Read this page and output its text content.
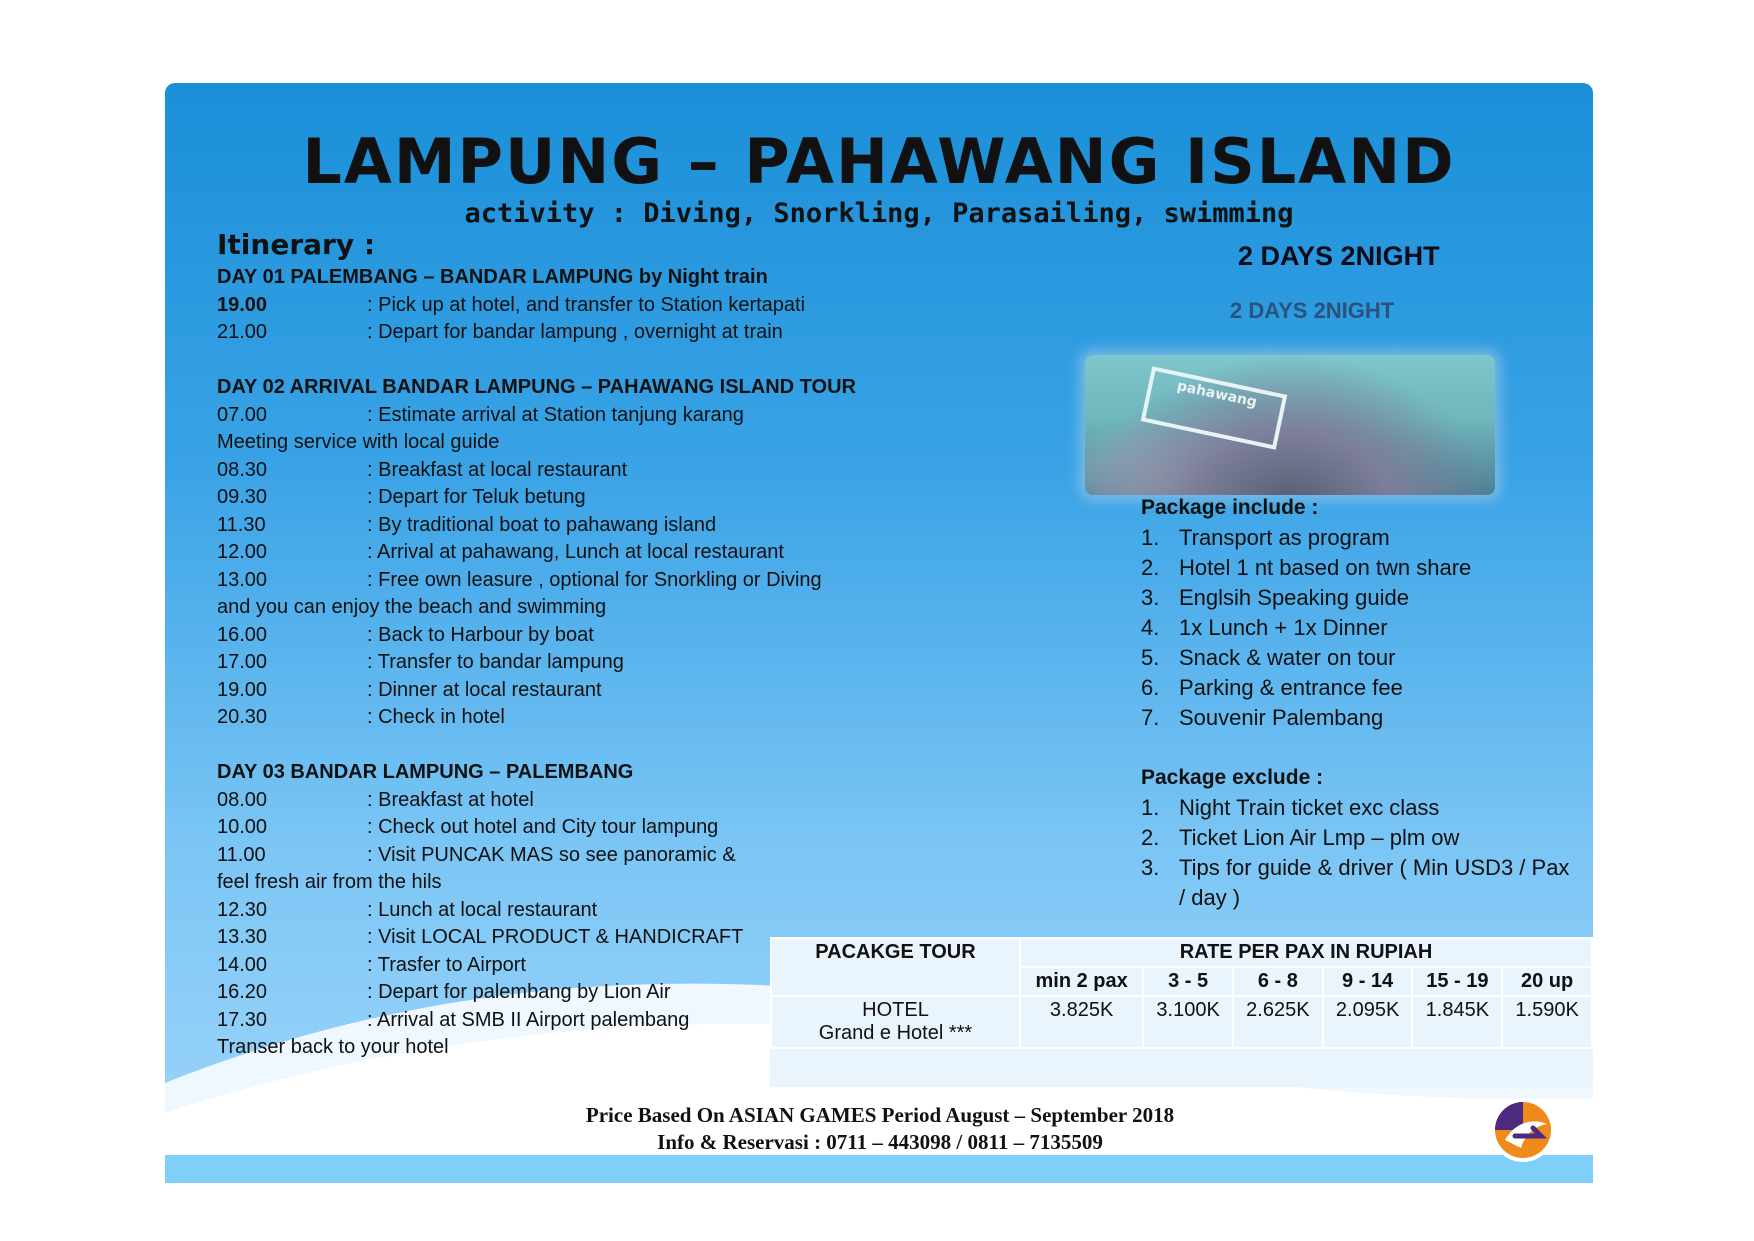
LAMPUNG – PAHAWANG ISLAND
activity : Diving, Snorkling, Parasailing, swimming
Itinerary :	2 DAYS 2NIGHT
2 DAYS 2NIGHT
DAY 01 PALEMBANG – BANDAR LAMPUNG by Night train
19.00	: Pick up at hotel, and transfer to Station kertapati
21.00	: Depart for bandar lampung , overnight at train
DAY 02 ARRIVAL BANDAR LAMPUNG – PAHAWANG ISLAND TOUR
07.00	: Estimate arrival at Station tanjung karang
Meeting service with local guide
08.30	: Breakfast at local restaurant
09.30	: Depart for Teluk betung
11.30	: By traditional boat to pahawang island
12.00	: Arrival at pahawang, Lunch at local restaurant
13.00	: Free own leasure , optional for Snorkling or Diving
and you can enjoy the beach and swimming
16.00	: Back to Harbour by boat
17.00	: Transfer to bandar lampung
19.00	: Dinner at local restaurant
20.30	: Check in hotel
DAY 03 BANDAR LAMPUNG – PALEMBANG
08.00	: Breakfast at hotel
10.00	: Check out hotel and City tour lampung
11.00	: Visit PUNCAK MAS so see panoramic &
feel fresh air from the hils
12.30	: Lunch at local restaurant
13.30	: Visit LOCAL PRODUCT & HANDICRAFT
14.00	: Trasfer to Airport
16.20	: Depart for palembang by Lion Air
17.30	: Arrival at SMB II Airport palembang
Transer back to your hotel
pahawang
Package include :
1. Transport as program
2. Hotel 1 nt based on twn share
3. Englsih Speaking guide
4. 1x Lunch + 1x Dinner
5. Snack & water on tour
6. Parking & entrance fee
7. Souvenir Palembang
Package exclude :
1. Night Train ticket exc class
2. Ticket Lion Air Lmp – plm ow
3. Tips for guide & driver ( Min USD3 / Pax / day )
PACAKGE TOUR	RATE PER PAX IN RUPIAH					
	min 2 pax	3 - 5	6 - 8	9 - 14	15 - 19	20 up

HOTEL
Grand e Hotel ***	3.825K	3.100K	2.625K	2.095K	1.845K	1.590K
Price Based On ASIAN GAMES Period August – September 2018
Info & Reservasi : 0711 – 443098 / 0811 – 7135509
